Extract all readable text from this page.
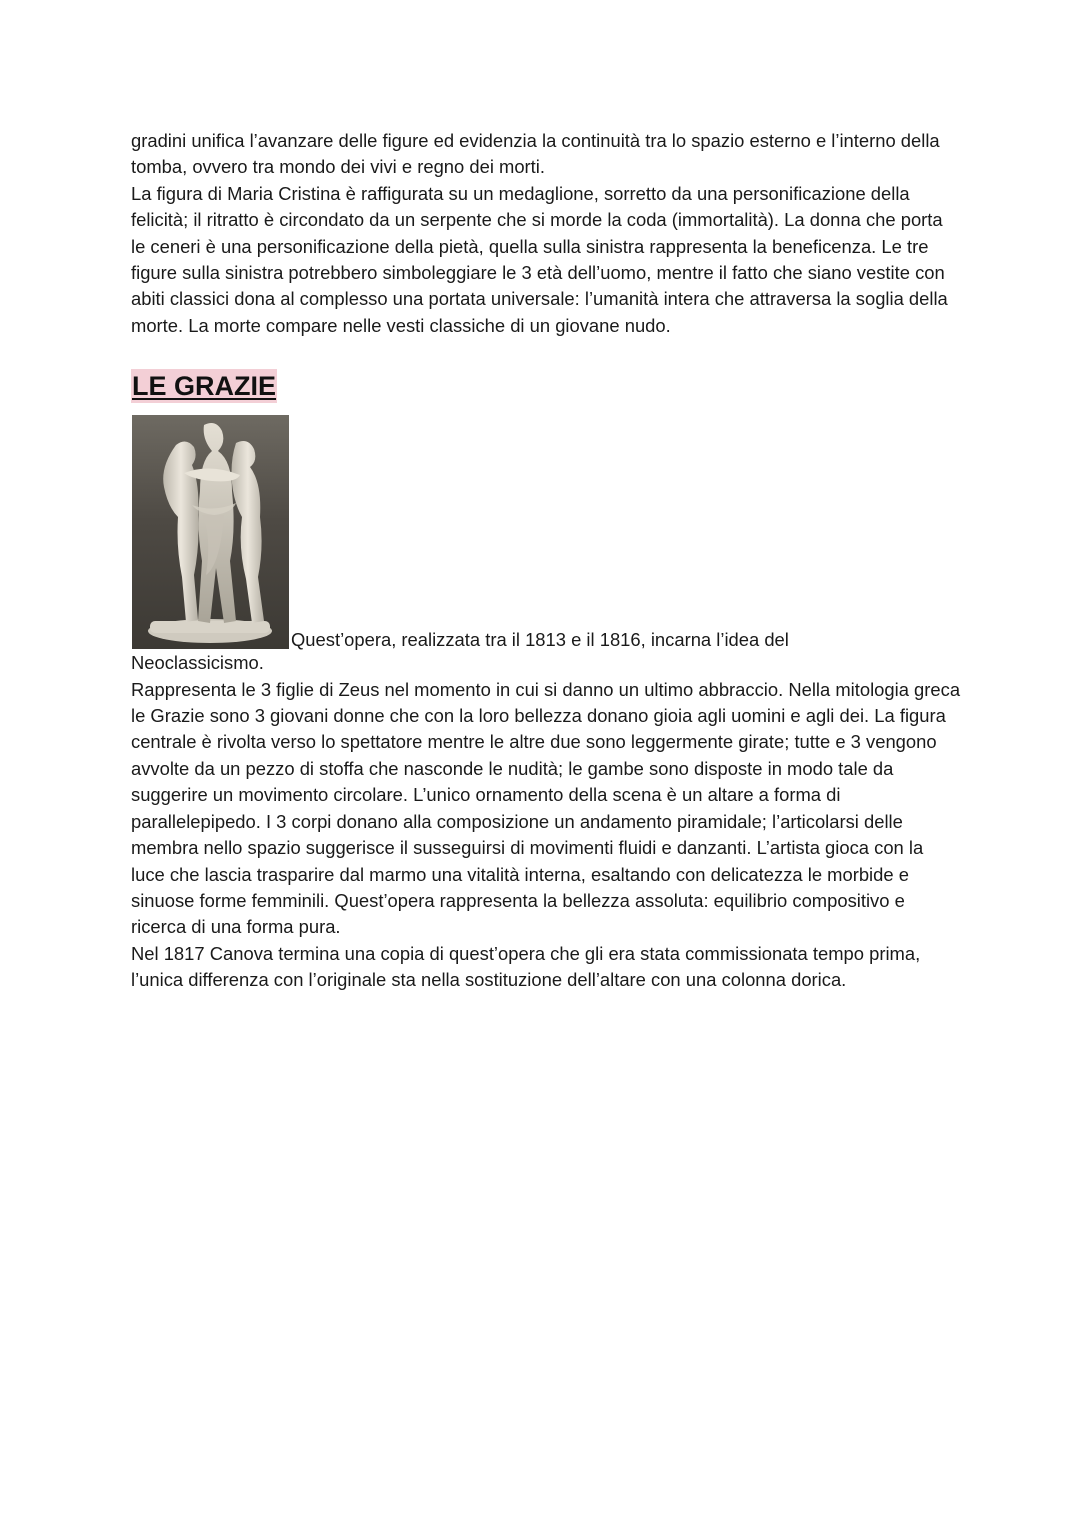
gradini unifica l’avanzare delle figure ed evidenzia la continuità tra lo spazio esterno e l’interno della tomba, ovvero tra mondo dei vivi e regno dei morti.

La figura di Maria Cristina è raffigurata su un medaglione, sorretto da una personificazione della felicità; il ritratto è circondato da un serpente che si morde la coda (immortalità). La donna che porta le ceneri è una personificazione della pietà, quella sulla sinistra rappresenta la beneficenza. Le tre figure sulla sinistra potrebbero simboleggiare le 3 età dell’uomo, mentre il fatto che siano vestite con abiti classici dona al complesso una portata universale: l’umanità intera che attraversa la soglia della morte. La morte compare nelle vesti classiche di un giovane nudo.

LE GRAZIE
Quest’opera, realizzata tra il 1813 e il 1816, incarna l’idea del

Neoclassicismo.

Rappresenta le 3 figlie di Zeus nel momento in cui si danno un ultimo abbraccio. Nella mitologia greca le Grazie sono 3 giovani donne che con la loro bellezza donano gioia agli uomini e agli dei. La figura centrale è rivolta verso lo spettatore mentre le altre due sono leggermente girate; tutte e 3 vengono avvolte da un pezzo di stoffa che nasconde le nudità; le gambe sono disposte in modo tale da suggerire un movimento circolare. L’unico ornamento della scena è un altare a forma di parallelepipedo. I 3 corpi donano alla composizione un andamento piramidale; l’articolarsi delle membra nello spazio suggerisce il susseguirsi di movimenti fluidi e danzanti. L’artista gioca con la luce che lascia trasparire dal marmo una vitalità interna, esaltando con delicatezza le morbide e sinuose forme femminili. Quest’opera rappresenta la bellezza assoluta: equilibrio compositivo e ricerca di una forma pura.

Nel 1817 Canova termina una copia di quest’opera che gli era stata commissionata tempo prima, l’unica differenza con l’originale sta nella sostituzione dell’altare con una colonna dorica.
